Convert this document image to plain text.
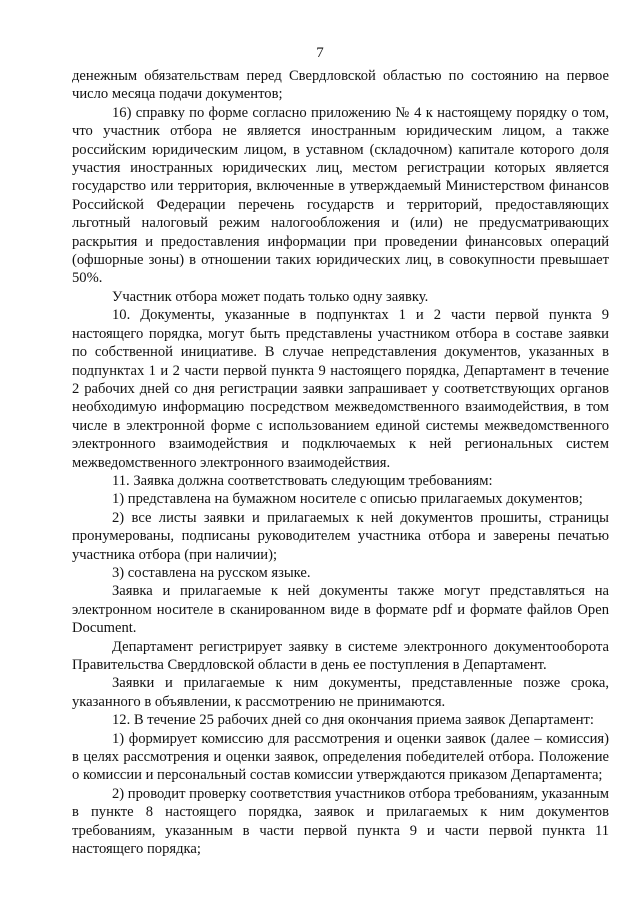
7

денежным обязательствам перед Свердловской областью по состоянию на первое число месяца подачи документов;

16) справку по форме согласно приложению № 4 к настоящему порядку о том, что участник отбора не является иностранным юридическим лицом, а также российским юридическим лицом, в уставном (складочном) капитале которого доля участия иностранных юридических лиц, местом регистрации которых является государство или территория, включенные в утверждаемый Министерством финансов Российской Федерации перечень государств и территорий, предоставляющих льготный налоговый режим налогообложения и (или) не предусматривающих раскрытия и предоставления информации при проведении финансовых операций (офшорные зоны) в отношении таких юридических лиц, в совокупности превышает 50%.

Участник отбора может подать только одну заявку.

10. Документы, указанные в подпунктах 1 и 2 части первой пункта 9 настоящего порядка, могут быть представлены участником отбора в составе заявки по собственной инициативе. В случае непредставления документов, указанных в подпунктах 1 и 2 части первой пункта 9 настоящего порядка, Департамент в течение 2 рабочих дней со дня регистрации заявки запрашивает у соответствующих органов необходимую информацию посредством межведомственного взаимодействия, в том числе в электронной форме с использованием единой системы межведомственного электронного взаимодействия и подключаемых к ней региональных систем межведомственного электронного взаимодействия.

11. Заявка должна соответствовать следующим требованиям:

1) представлена на бумажном носителе с описью прилагаемых документов;

2) все листы заявки и прилагаемых к ней документов прошиты, страницы пронумерованы, подписаны руководителем участника отбора и заверены печатью участника отбора (при наличии);

3) составлена на русском языке.

Заявка и прилагаемые к ней документы также могут представляться на электронном носителе в сканированном виде в формате pdf и формате файлов Open Document.

Департамент регистрирует заявку в системе электронного документооборота Правительства Свердловской области в день ее поступления в Департамент.

Заявки и прилагаемые к ним документы, представленные позже срока, указанного в объявлении, к рассмотрению не принимаются.

12. В течение 25 рабочих дней со дня окончания приема заявок Департамент:

1) формирует комиссию для рассмотрения и оценки заявок (далее – комиссия) в целях рассмотрения и оценки заявок, определения победителей отбора. Положение о комиссии и персональный состав комиссии утверждаются приказом Департамента;

2) проводит проверку соответствия участников отбора требованиям, указанным в пункте 8 настоящего порядка, заявок и прилагаемых к ним документов требованиям, указанным в части первой пункта 9 и части первой пункта 11 настоящего порядка;
